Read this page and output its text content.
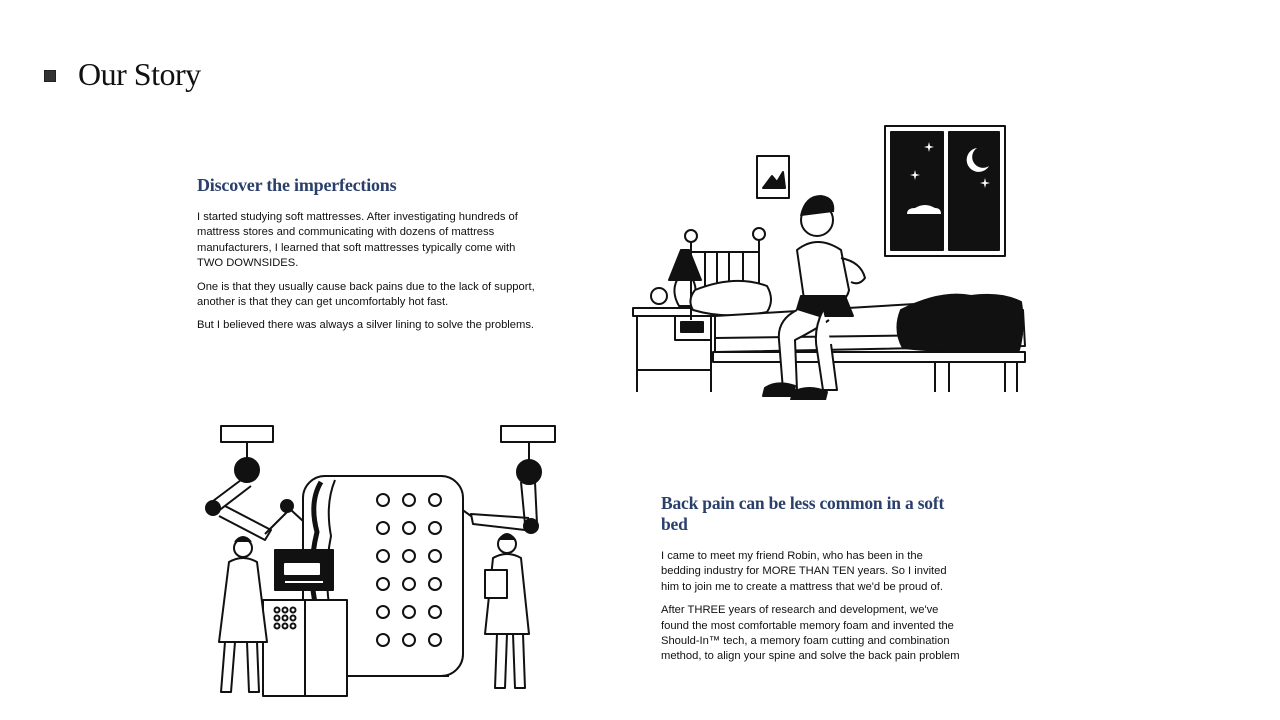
Our Story
Discover the imperfections

I started studying soft mattresses. After investigating hundreds of mattress stores and communicating with dozens of mattress manufacturers, I learned that soft mattresses typically come with TWO DOWNSIDES.

One is that they usually cause back pains due to the lack of support, another is that they can get uncomfortably hot fast.

But I believed there was always a silver lining to solve the problems.

Back pain can be less common in a soft bed

I came to meet my friend Robin, who has been in the bedding industry for MORE THAN TEN years. So I invited him to join me to create a mattress that we'd be proud of.

After THREE years of research and development, we've found the most comfortable memory foam and invented the Should-In™ tech, a memory foam cutting and combination method, to align your spine and solve the back pain problem
